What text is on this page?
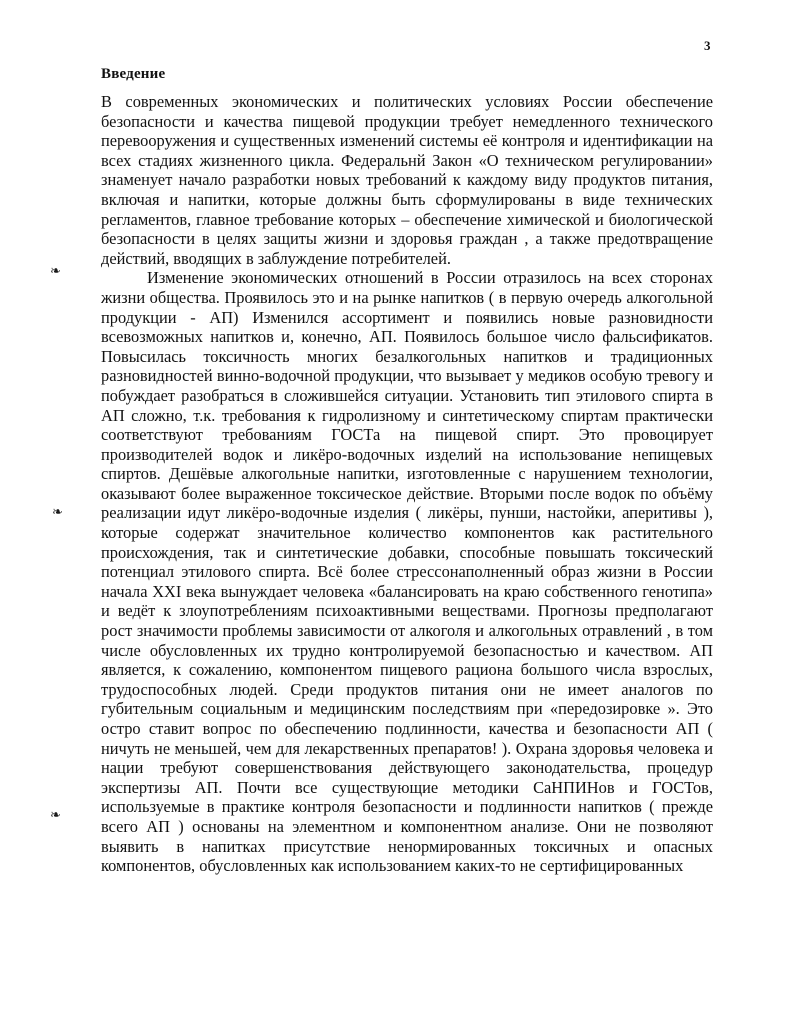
3
Введение

В современных экономических и политических условиях России обеспечение безопасности и качества пищевой продукции требует немедленного технического перевооружения и существенных изменений системы её контроля и идентификации на всех стадиях жизненного цикла. Федеральнй Закон «О техническом регулировании» знаменует начало разработки новых требований к каждому виду продуктов питания, включая и напитки, которые должны быть сформулированы в виде технических регламентов, главное требование которых – обеспечение химической и биологической безопасности в целях защиты жизни и здоровья граждан , а также предотвращение действий, вводящих в заблуждение потребителей.

Изменение экономических отношений в России отразилось на всех сторонах жизни общества. Проявилось это и на рынке напитков ( в первую очередь алкогольной продукции - АП) Изменился ассортимент и появились новые разновидности всевозможных напитков и, конечно, АП. Появилось большое число фальсификатов. Повысилась токсичность многих безалкогольных напитков и традиционных разновидностей винно-водочной продукции, что вызывает у медиков особую тревогу и побуждает разобраться в сложившейся ситуации. Установить тип этилового спирта в АП сложно, т.к. требования к гидролизному и синтетическому спиртам практически соответствуют требованиям ГОСТа на пищевой спирт. Это провоцирует производителей водок и ликёро-водочных изделий на использование непищевых спиртов. Дешёвые алкогольные напитки, изготовленные с нарушением технологии, оказывают более выраженное токсическое действие. Вторыми после водок по объёму реализации идут ликёро-водочные изделия ( ликёры, пунши, настойки, аперитивы ), которые содержат значительное количество компонентов как растительного происхождения, так и синтетические добавки, способные повышать токсический потенциал этилового спирта. Всё более стрессонаполненный образ жизни в России начала XXI века вынуждает человека «балансировать на краю собственного генотипа» и ведёт к злоупотреблениям психоактивными веществами. Прогнозы предполагают рост значимости проблемы зависимости от алкоголя и алкогольных отравлений , в том числе обусловленных их трудно контролируемой безопасностью и качеством. АП является, к сожалению, компонентом пищевого рациона большого числа взрослых, трудоспособных людей. Среди продуктов питания они не имеет аналогов по губительным социальным и медицинским последствиям при «передозировке ». Это остро ставит вопрос по обеспечению подлинности, качества и безопасности АП ( ничуть не меньшей, чем для лекарственных препаратов! ). Охрана здоровья человека и нации требуют совершенствования действующего законодательства, процедур экспертизы АП. Почти все существующие методики СаНПИНов и ГОСТов, используемые в практике контроля безопасности и подлинности напитков ( прежде всего АП ) основаны на элементном и компонентном анализе. Они не позволяют выявить в напитках присутствие ненормированных токсичных и опасных компонентов, обусловленных как использованием каких-то не сертифицированных

❧
❧
❧
